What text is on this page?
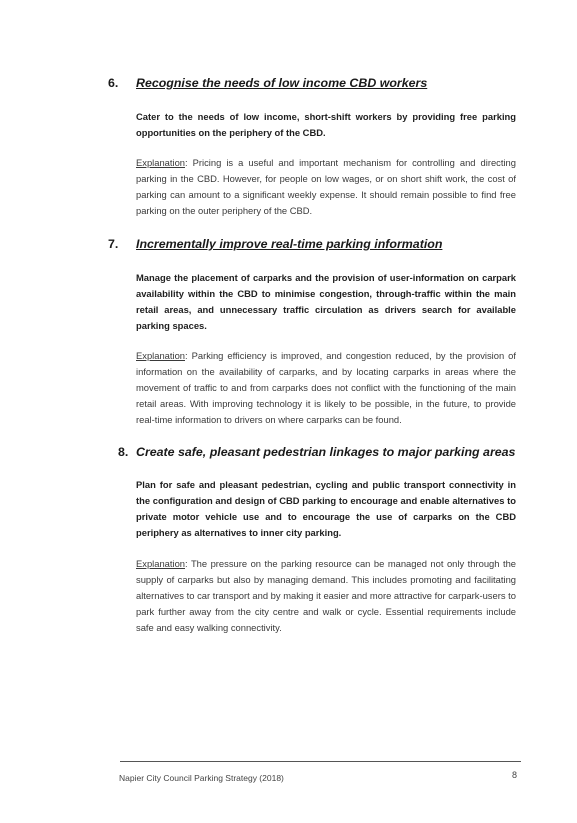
6. Recognise the needs of low income CBD workers

Cater to the needs of low income, short-shift workers by providing free parking opportunities on the periphery of the CBD.

Explanation: Pricing is a useful and important mechanism for controlling and directing parking in the CBD. However, for people on low wages, or on short shift work, the cost of parking can amount to a significant weekly expense. It should remain possible to find free parking on the outer periphery of the CBD.

7. Incrementally improve real-time parking information

Manage the placement of carparks and the provision of user-information on carpark availability within the CBD to minimise congestion, through-traffic within the main retail areas, and unnecessary traffic circulation as drivers search for available parking spaces.

Explanation: Parking efficiency is improved, and congestion reduced, by the provision of information on the availability of carparks, and by locating carparks in areas where the movement of traffic to and from carparks does not conflict with the functioning of the main retail areas. With improving technology it is likely to be possible, in the future, to provide real-time information to drivers on where carparks can be found.

8. Create safe, pleasant pedestrian linkages to major parking areas

Plan for safe and pleasant pedestrian, cycling and public transport connectivity in the configuration and design of CBD parking to encourage and enable alternatives to private motor vehicle use and to encourage the use of carparks on the CBD periphery as alternatives to inner city parking.

Explanation: The pressure on the parking resource can be managed not only through the supply of carparks but also by managing demand. This includes promoting and facilitating alternatives to car transport and by making it easier and more attractive for carpark-users to park further away from the city centre and walk or cycle. Essential requirements include safe and easy walking connectivity.

Napier City Council Parking Strategy (2018)	8
